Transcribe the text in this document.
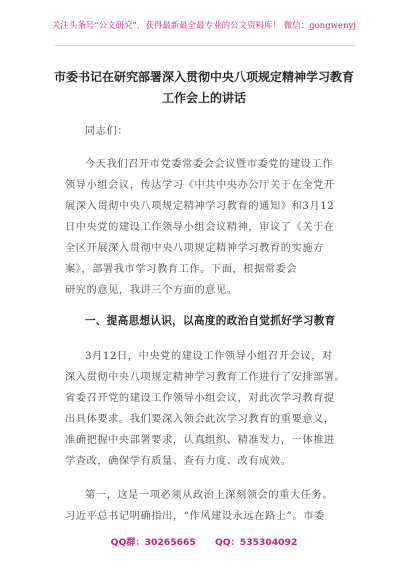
关注头条号“公文研究”，获得最新最全最专业的公文资料库！ 微信：gongwenyj
市委书记在研究部署深入贯彻中央八项规定精神学习教育
工作会上的讲话
同志们：
今天我们召开市党委常委会会议暨市委党的建设工作
领导小组会议，传达学习《中共中央办公厅关于在全党开
展深入贯彻中央八项规定精神学习教育的通知》和3月12
日中央党的建设工作领导小组会议精神，审议了《关于在
全区开展深入贯彻中央八项规定精神学习教育的实施方
案》，部署我市学习教育工作。下面，根据常委会
研究的意见，我讲三个方面的意见。
一、提高思想认识，以高度的政治自觉抓好学习教育
3月12日，中央党的建设工作领导小组召开会议，对
深入贯彻中央八项规定精神学习教育工作进行了安排部署。
省委召开党的建设工作领导小组会议，对此次学习教育提
出具体要求。我们要深入领会此次学习教育的重要意义，
准确把握中央部署要求，认真组织、精准发力，一体推进
学查改，确保学有质量、查有力度、改有成效。
第一，这是一项必须从政治上深刻领会的重大任务。
习近平总书记明确指出，“作风建设永远在路上”。市委
QQ群：30265665 QQ：535304092
